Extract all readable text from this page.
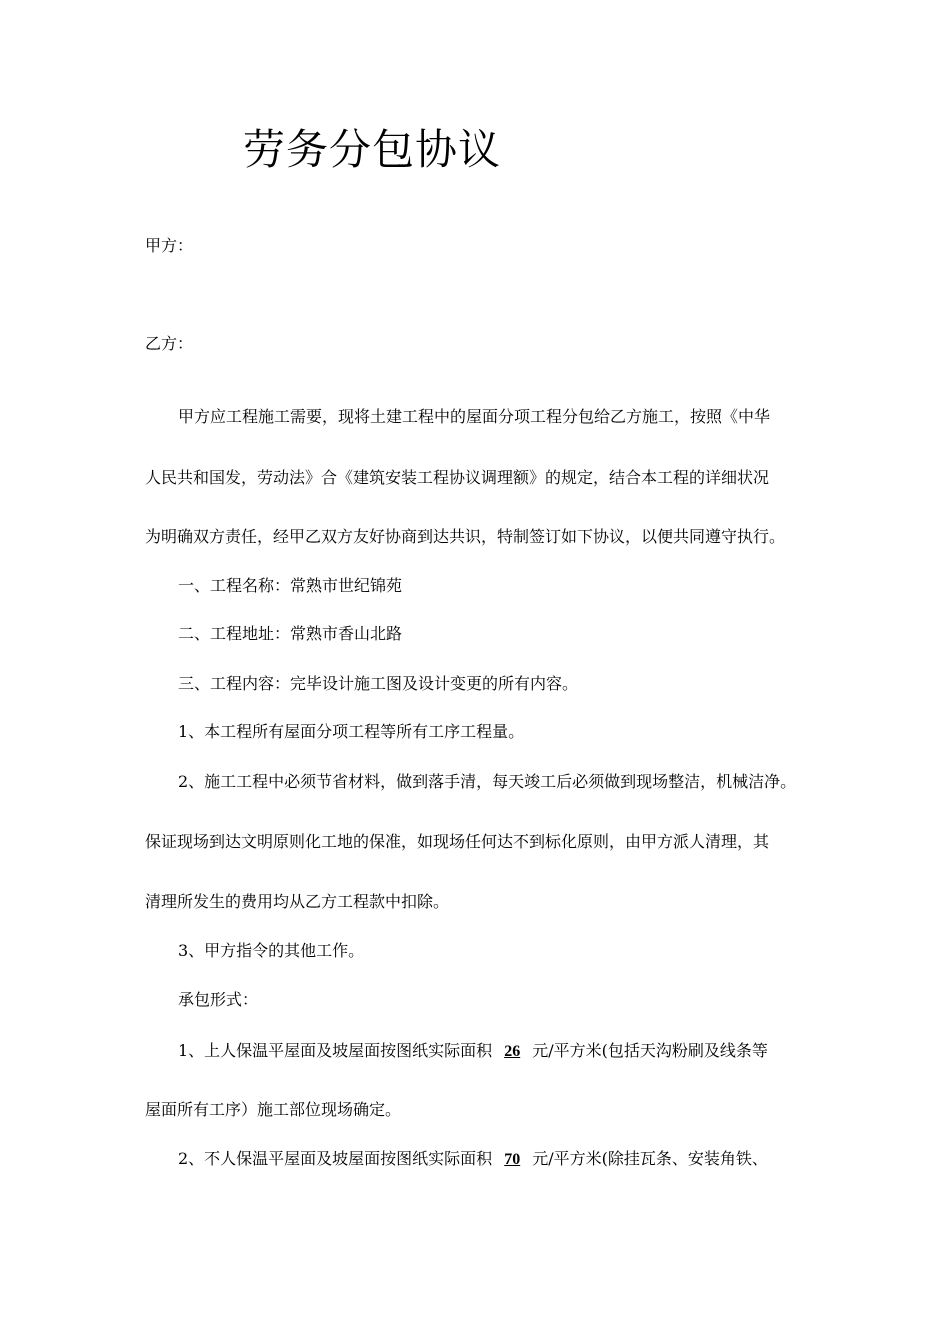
劳务分包协议
甲方：
乙方：
甲方应工程施工需要，现将土建工程中的屋面分项工程分包给乙方施工，按照《中华
人民共和国发，劳动法》合《建筑安装工程协议调理额》的规定，结合本工程的详细状况
为明确双方责任，经甲乙双方友好协商到达共识，特制签订如下协议，以便共同遵守执行。
一、工程名称：常熟市世纪锦苑
二、工程地址：常熟市香山北路
三、工程内容：完毕设计施工图及设计变更的所有内容。
1、本工程所有屋面分项工程等所有工序工程量。
2、施工工程中必须节省材料，做到落手清，每天竣工后必须做到现场整洁，机械洁净。
保证现场到达文明原则化工地的保准，如现场任何达不到标化原则，由甲方派人清理，其
清理所发生的费用均从乙方工程款中扣除。
3、甲方指令的其他工作。
承包形式：
1、上人保温平屋面及坡屋面按图纸实际面积 26 元/平方米(包括天沟粉刷及线条等
屋面所有工序）施工部位现场确定。
2、不人保温平屋面及坡屋面按图纸实际面积 70 元/平方米(除挂瓦条、安装角铁、
